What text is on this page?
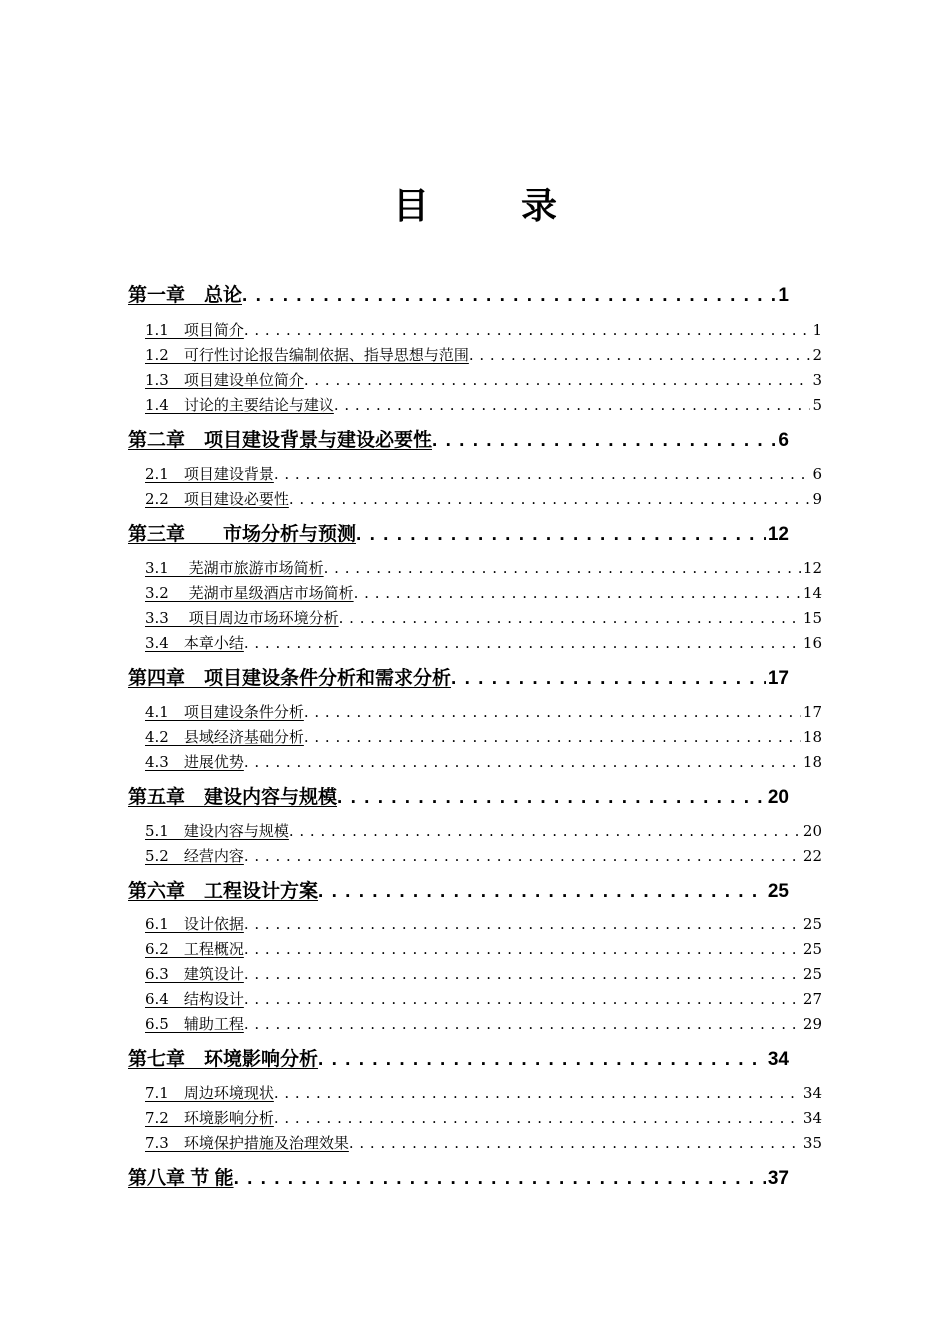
目　录
第一章　总论 . . .	1
1.1　项目简介 . . .	1
1.2　可行性讨论报告编制依据、指导思想与范围 . . .	2
1.3　项目建设单位简介 . . .	3
1.4　讨论的主要结论与建议 . . .	5
第二章　项目建设背景与建设必要性 . . .	6
2.1　项目建设背景 . . .	6
2.2　项目建设必要性 . . .	9
第三章　　市场分析与预测 . . .	12
3.1　 芜湖市旅游市场简析 . . .	12
3.2　 芜湖市星级酒店市场简析 . . .	14
3.3　 项目周边市场环境分析 . . .	15
3.4　本章小结 . . .	16
第四章　项目建设条件分析和需求分析 . . .	17
4.1　项目建设条件分析 . . .	17
4.2　县域经济基础分析 . . .	18
4.3　进展优势 . . .	18
第五章　建设内容与规模 . . .	20
5.1　建设内容与规模 . . .	20
5.2　经营内容 . . .	22
第六章　工程设计方案 . . .	25
6.1　设计依据 . . .	25
6.2　工程概况 . . .	25
6.3　建筑设计 . . .	25
6.4　结构设计 . . .	27
6.5　辅助工程 . . .	29
第七章　环境影响分析 . . .	34
7.1　周边环境现状 . . .	34
7.2　环境影响分析 . . .	34
7.3　环境保护措施及治理效果 . . .	35
第八章 节 能 . . .	37
